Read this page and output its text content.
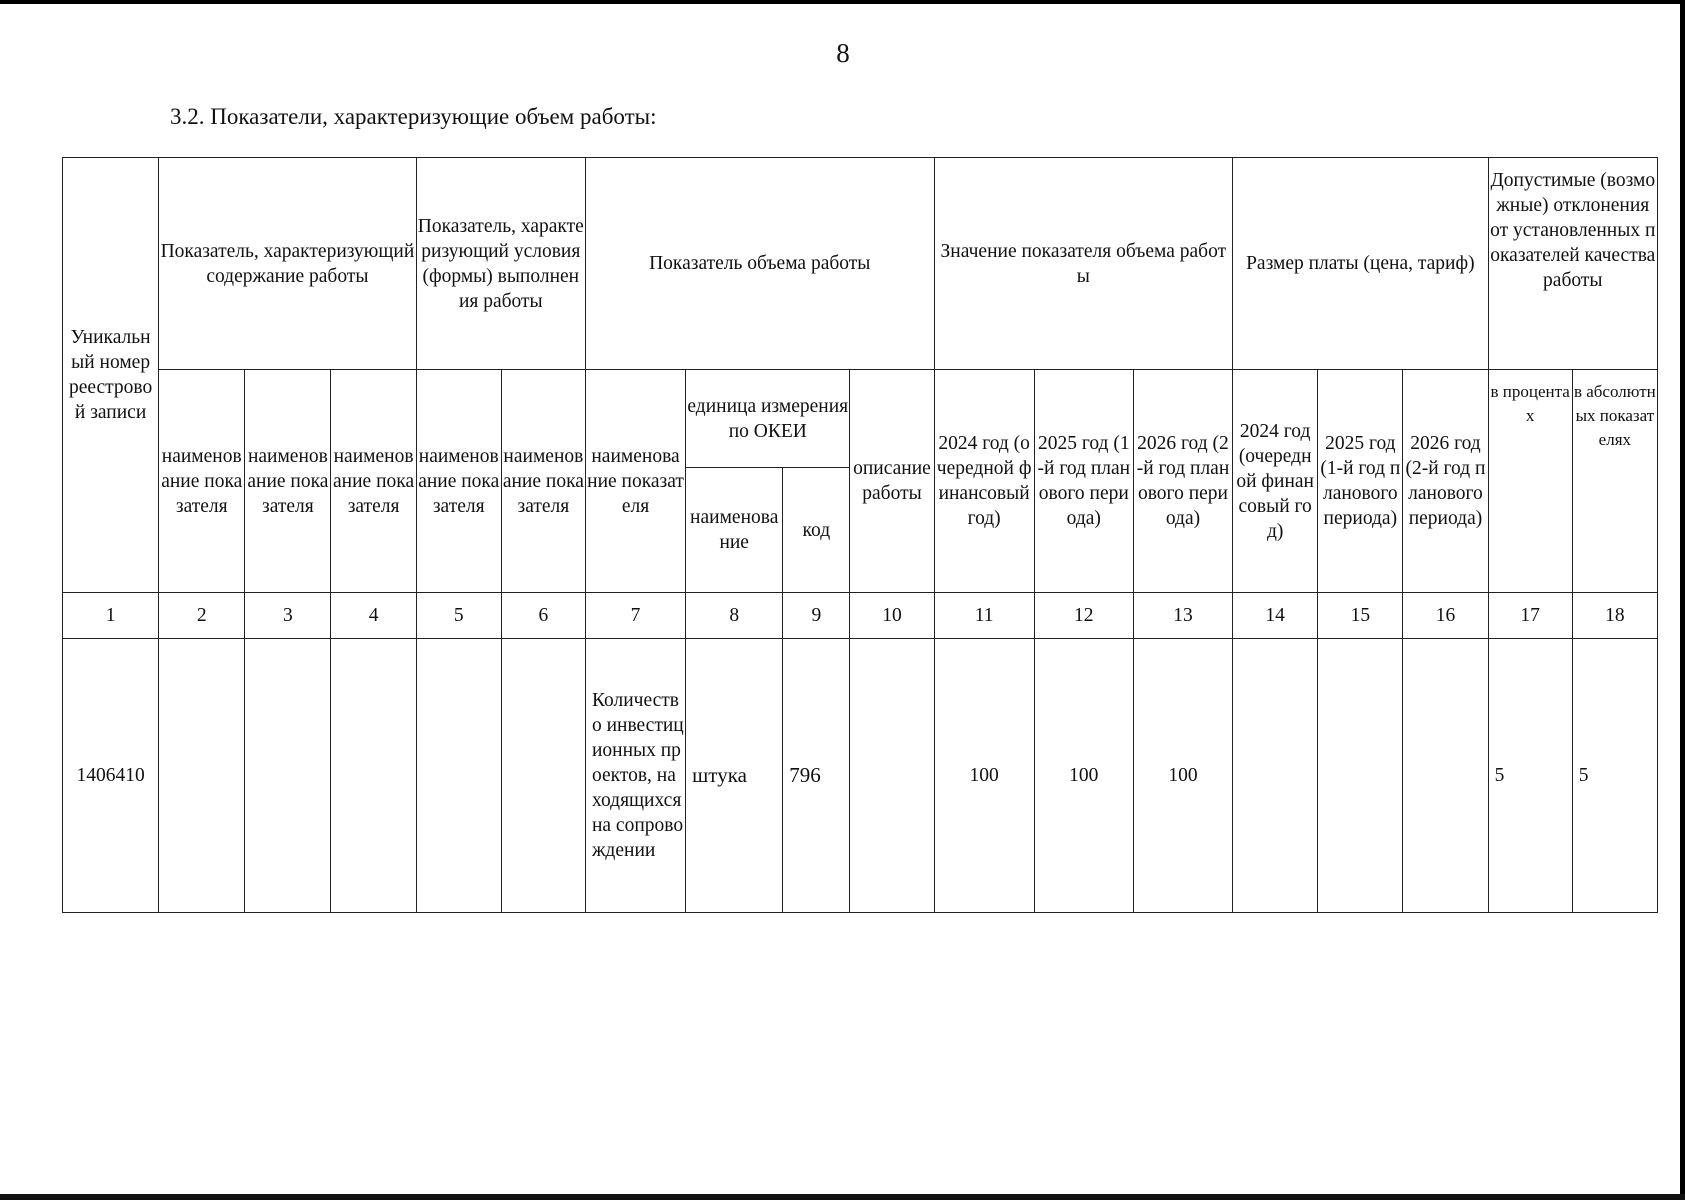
8
3.2. Показатели, характеризующие объем работы:
Уникальный номер реестровой записи	Показатель, характеризующий содержание работы			Показатель, характеризующий условия (формы) выполнения работы		Показатель объема работы				Значение показателя объема работы			Размер платы (цена, тариф)			Допустимые (возможные) отклонения от установленных показателей качества работы	
	наименование показателя	наименование показателя	наименование показателя	наименование показателя	наименование показателя	наименование показателя	единица измерения по ОКЕИ		описание работы	2024 год (очередной финансовый год)	2025 год (1-й год планового периода)	2026 год (2-й год планового периода)	2024 год (очередной финансовый год)	2025 год (1-й год планового периода)	2026 год (2-й год планового периода)	в процентах	в абсолютных показателях
							наименование	код									
1	2	3	4	5	6	7	8	9	10	11	12	13	14	15	16	17	18
1406410						Количество инвестиционных проектов, находящихся на сопровождении	штука	796		100	100	100				5	5
